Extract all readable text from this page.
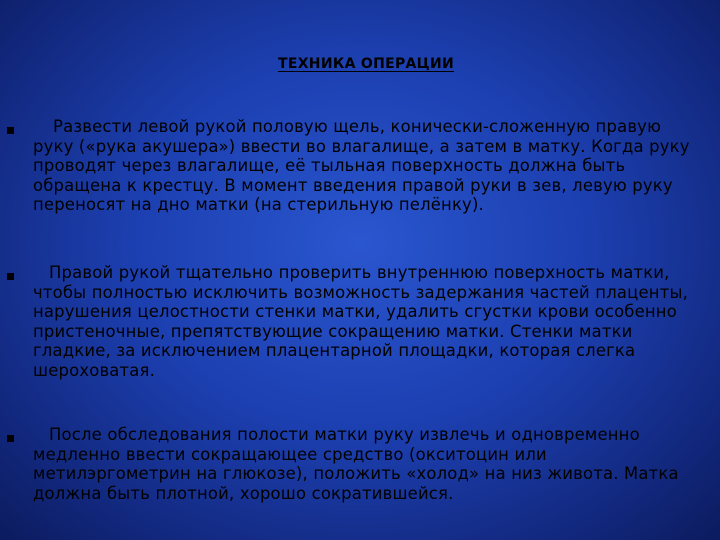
ТЕХНИКА ОПЕРАЦИИ

Развести левой рукой половую щель, конически-сложенную правую руку («рука акушера») ввести во влагалище, а затем в матку. Когда руку проводят через влагалище, её тыльная поверхность должна быть обращена к крестцу. В момент введения правой руки в зев, левую руку переносят на дно матки (на стерильную пелёнку).

Правой рукой тщательно проверить внутреннюю поверхность матки, чтобы полностью исключить возможность задержания частей плаценты, нарушения целостности стенки матки, удалить сгустки крови особенно пристеночные, препятствующие сокращению матки. Стенки матки гладкие, за исключением плацентарной площадки, которая слегка шероховатая.

После обследования полости матки руку извлечь и одновременно медленно ввести сокращающее средство (окситоцин или метилэргометрин на глюкозе), положить «холод» на низ живота. Матка должна быть плотной, хорошо сократившейся.
